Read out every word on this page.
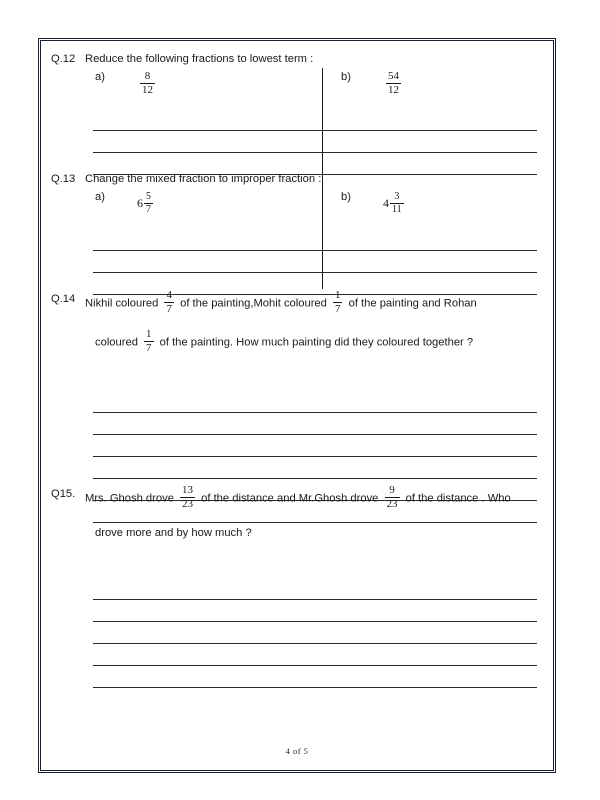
Q.12 Reduce the following fractions to lowest term :
a)	$\frac{8}{12}$	b)	$\frac{54}{12}$
Q.13 Change the mixed fraction to improper fraction :
a)	$6 \frac{5}{7}$	b)	$4 \frac{3}{11}$
Q.14 Nikhil coloured $\frac{4}{7}$ of the painting,Mohit coloured $\frac{1}{7}$ of the painting and Rohan
coloured $\frac{1}{7}$ of the painting. How much painting did they coloured together ?
Q15. Mrs. Ghosh drove $\frac{13}{23}$ of the distance and Mr.Ghosh drove $\frac{9}{23}$ of the distance . Who
drove more and by how much ?
4 of 5
